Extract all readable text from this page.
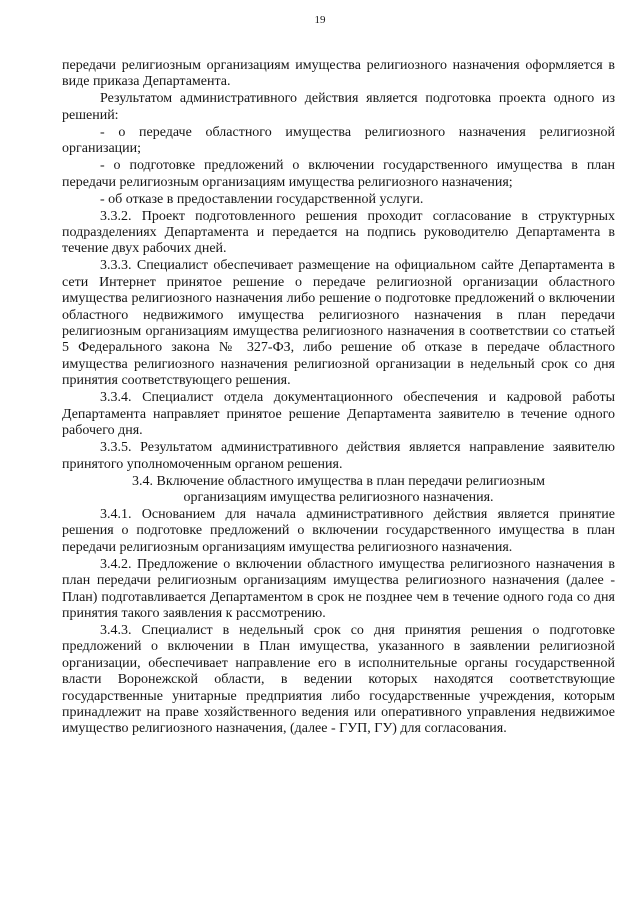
19

передачи религиозным организациям имущества религиозного назначения оформляется в виде приказа Департамента.

Результатом административного действия является подготовка проекта одного из решений:

- о передаче областного имущества религиозного назначения религиозной организации;

- о подготовке предложений о включении государственного имущества в план передачи религиозным организациям имущества религиозного назначения;

- об отказе в предоставлении государственной услуги.

3.3.2. Проект подготовленного решения проходит согласование в структурных подразделениях Департамента и передается на подпись руководителю Департамента в течение двух рабочих дней.

3.3.3. Специалист обеспечивает размещение на официальном сайте Департамента в сети Интернет принятое решение о передаче религиозной организации областного имущества религиозного назначения либо решение о подготовке предложений о включении областного недвижимого имущества религиозного назначения в план передачи религиозным организациям имущества религиозного назначения в соответствии со статьей 5 Федерального закона № 327-ФЗ, либо решение об отказе в передаче областного имущества религиозного назначения религиозной организации в недельный срок со дня принятия соответствующего решения.

3.3.4. Специалист отдела документационного обеспечения и кадровой работы Департамента направляет принятое решение Департамента заявителю в течение одного рабочего дня.

3.3.5. Результатом административного действия является направление заявителю принятого уполномоченным органом решения.

3.4. Включение областного имущества в план передачи религиозным организациям имущества религиозного назначения.

3.4.1. Основанием для начала административного действия является принятие решения о подготовке предложений о включении государственного имущества в план передачи религиозным организациям имущества религиозного назначения.

3.4.2. Предложение о включении областного имущества религиозного назначения в план передачи религиозным организациям имущества религиозного назначения (далее - План) подготавливается Департаментом в срок не позднее чем в течение одного года со дня принятия такого заявления к рассмотрению.

3.4.3. Специалист в недельный срок со дня принятия решения о подготовке предложений о включении в План имущества, указанного в заявлении религиозной организации, обеспечивает направление его в исполнительные органы государственной власти Воронежской области, в ведении которых находятся соответствующие государственные унитарные предприятия либо государственные учреждения, которым принадлежит на праве хозяйственного ведения или оперативного управления недвижимое имущество религиозного назначения, (далее - ГУП, ГУ) для согласования.
